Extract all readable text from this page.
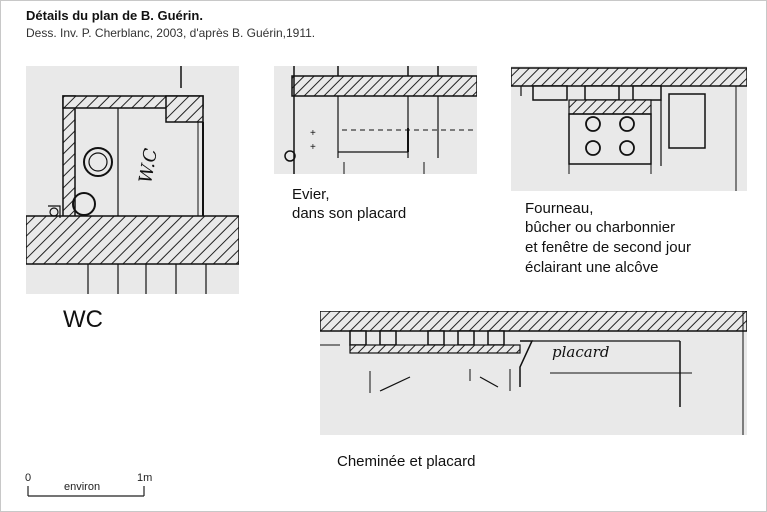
Détails du plan de B. Guérin.
Dess. Inv. P. Cherblanc, 2003, d'après B. Guérin,1911.
W.C
WC
+
+
Evier,
dans son placard	Fourneau,
bûcher ou charbonnier
et fenêtre de second jour
éclairant une alcôve
placard
Cheminée et placard
0	1m
environ
